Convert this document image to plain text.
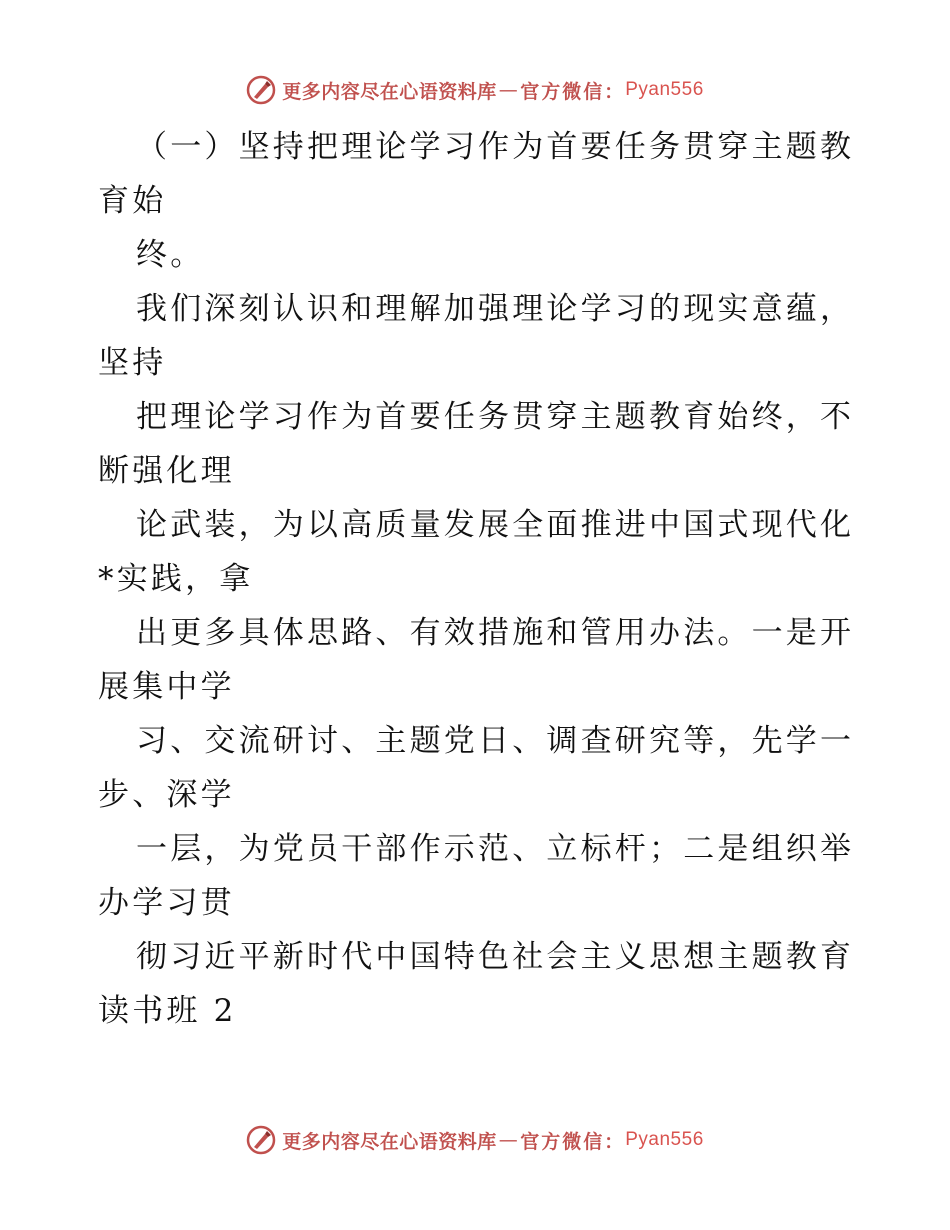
更多内容尽在心语资料库 — 官方微信： Pyan556
（一）坚持把理论学习作为首要任务贯穿主题教
育始
终。
我们深刻认识和理解加强理论学习的现实意蕴，
坚持
把理论学习作为首要任务贯穿主题教育始终，不
断强化理
论武装，为以高质量发展全面推进中国式现代化
*实践，拿
出更多具体思路、有效措施和管用办法。一是开
展集中学
习、交流研讨、主题党日、调查研究等，先学一
步、深学
一层，为党员干部作示范、立标杆；二是组织举
办学习贯
彻习近平新时代中国特色社会主义思想主题教育
读书班 2
更多内容尽在心语资料库 — 官方微信： Pyan556
